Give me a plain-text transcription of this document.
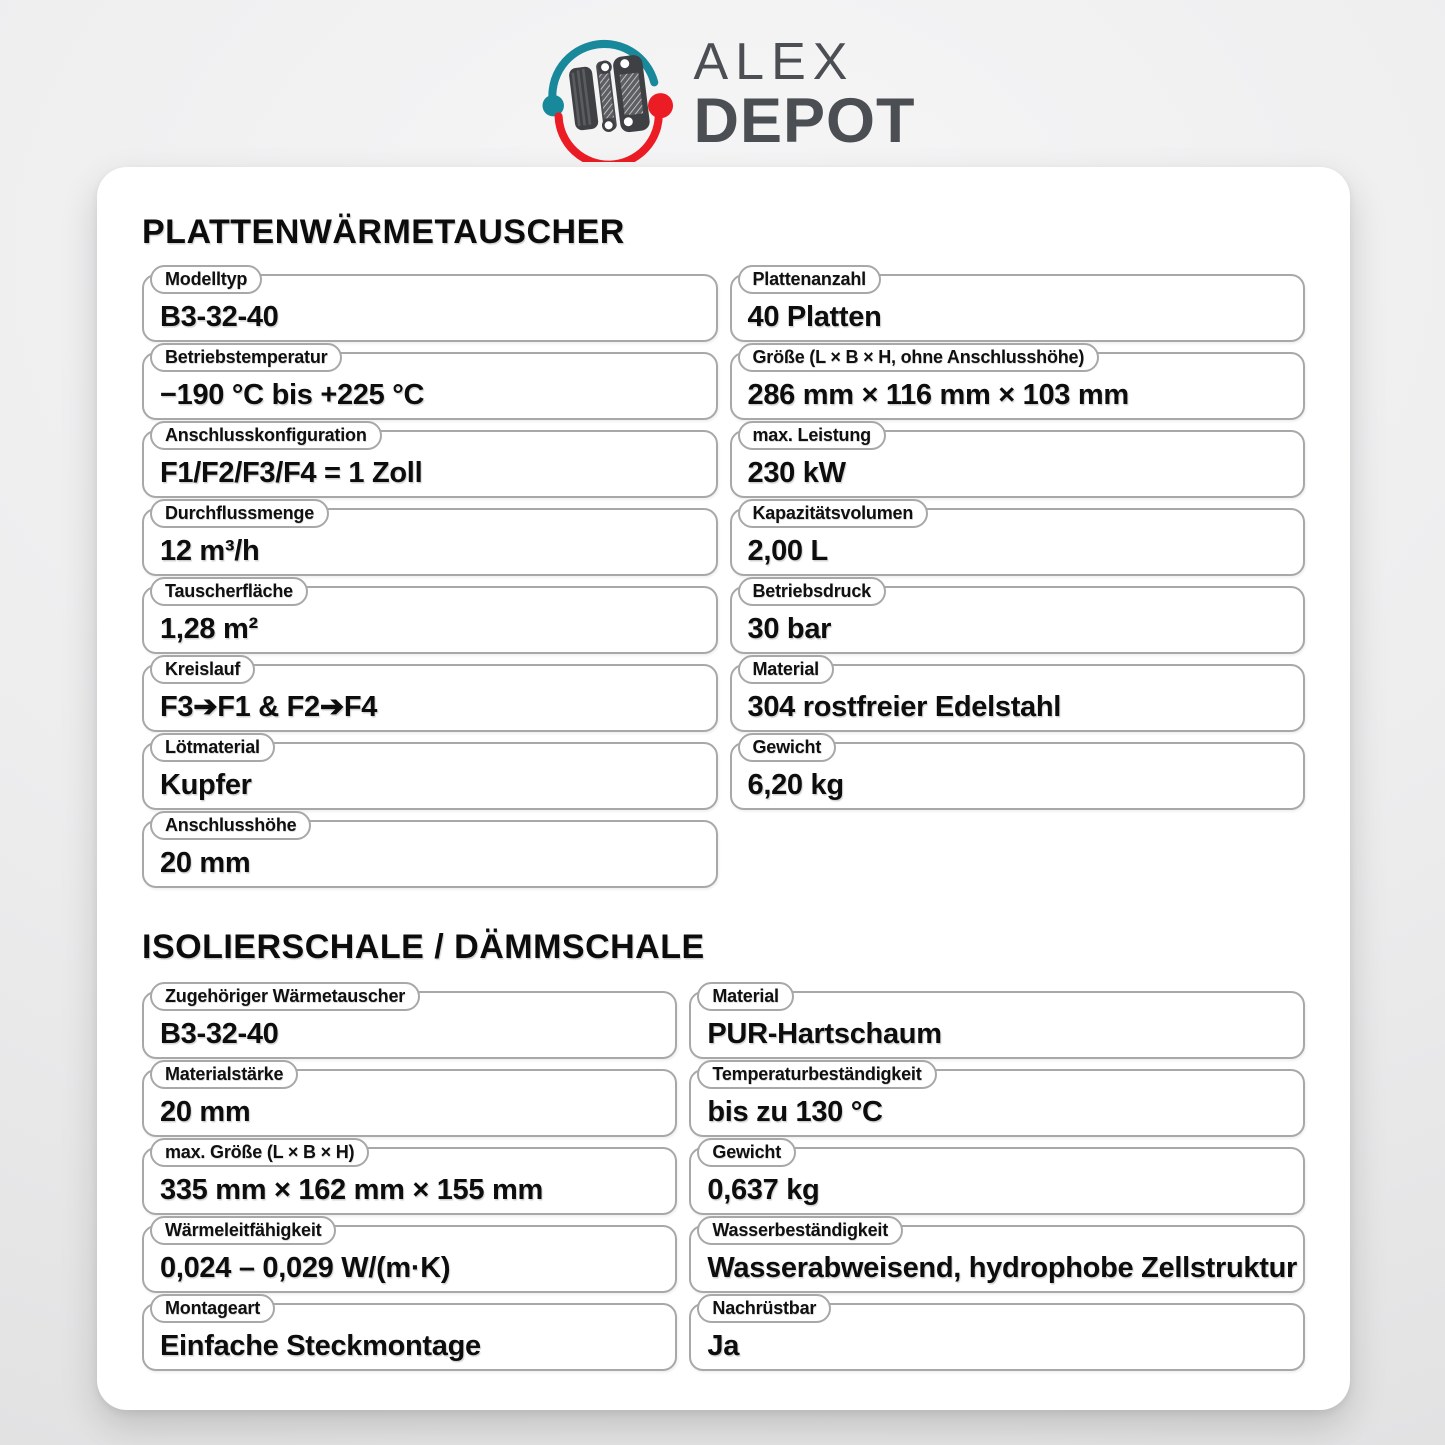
ALEX
DEPOT
PLATTENWÄRMETAUSCHER
Modelltyp
B3-32-40
Plattenanzahl
40 Platten
Betriebstemperatur
−190 °C bis +225 °C
Größe (L × B × H, ohne Anschlusshöhe)
286 mm × 116 mm × 103 mm
Anschlusskonfiguration
F1/F2/F3/F4 = 1 Zoll
max. Leistung
230 kW
Durchflussmenge
12 m³/h
Kapazitätsvolumen
2,00 L
Tauscherfläche
1,28 m²
Betriebsdruck
30 bar
Kreislauf
F3➔F1 & F2➔F4
Material
304 rostfreier Edelstahl
Lötmaterial
Kupfer
Gewicht
6,20 kg
Anschlusshöhe
20 mm
ISOLIERSCHALE / DÄMMSCHALE
Zugehöriger Wärmetauscher
B3-32-40
Material
PUR-Hartschaum
Materialstärke
20 mm
Temperaturbeständigkeit
bis zu 130 °C
max. Größe (L × B × H)
335 mm × 162 mm × 155 mm
Gewicht
0,637 kg
Wärmeleitfähigkeit
0,024 – 0,029 W/(m·K)
Wasserbeständigkeit
Wasserabweisend, hydrophobe Zellstruktur
Montageart
Einfache Steckmontage
Nachrüstbar
Ja
